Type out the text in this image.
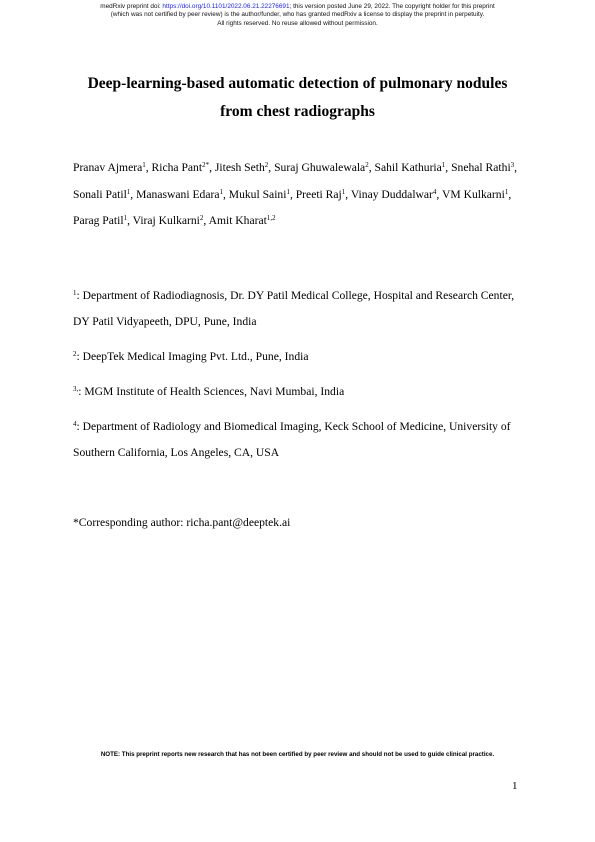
medRxiv preprint doi: https://doi.org/10.1101/2022.06.21.22276691; this version posted June 29, 2022. The copyright holder for this preprint
(which was not certified by peer review) is the author/funder, who has granted medRxiv a license to display the preprint in perpetuity.
All rights reserved. No reuse allowed without permission.
Deep-learning-based automatic detection of pulmonary nodules
from chest radiographs
Pranav Ajmera$^1$, Richa Pant$^{2*}$, Jitesh Seth$^2$, Suraj Ghuwalewala$^2$, Sahil Kathuria$^1$, Snehal Rathi$^3$, Sonali Patil$^1$, Manaswani Edara$^1$, Mukul Saini$^1$, Preeti Raj$^1$, Vinay Duddalwar$^4$, VM Kulkarni$^1$, Parag Patil$^1$, Viraj Kulkarni$^2$, Amit Kharat$^{1,2}$
$^1$: Department of Radiodiagnosis, Dr. DY Patil Medical College, Hospital and Research Center, DY Patil Vidyapeeth, DPU, Pune, India
$^2$: DeepTek Medical Imaging Pvt. Ltd., Pune, India
$^{3,}$: MGM Institute of Health Sciences, Navi Mumbai, India
$^4$: Department of Radiology and Biomedical Imaging, Keck School of Medicine, University of Southern California, Los Angeles, CA, USA
*Corresponding author: richa.pant@deeptek.ai
NOTE: This preprint reports new research that has not been certified by peer review and should not be used to guide clinical practice.
1
